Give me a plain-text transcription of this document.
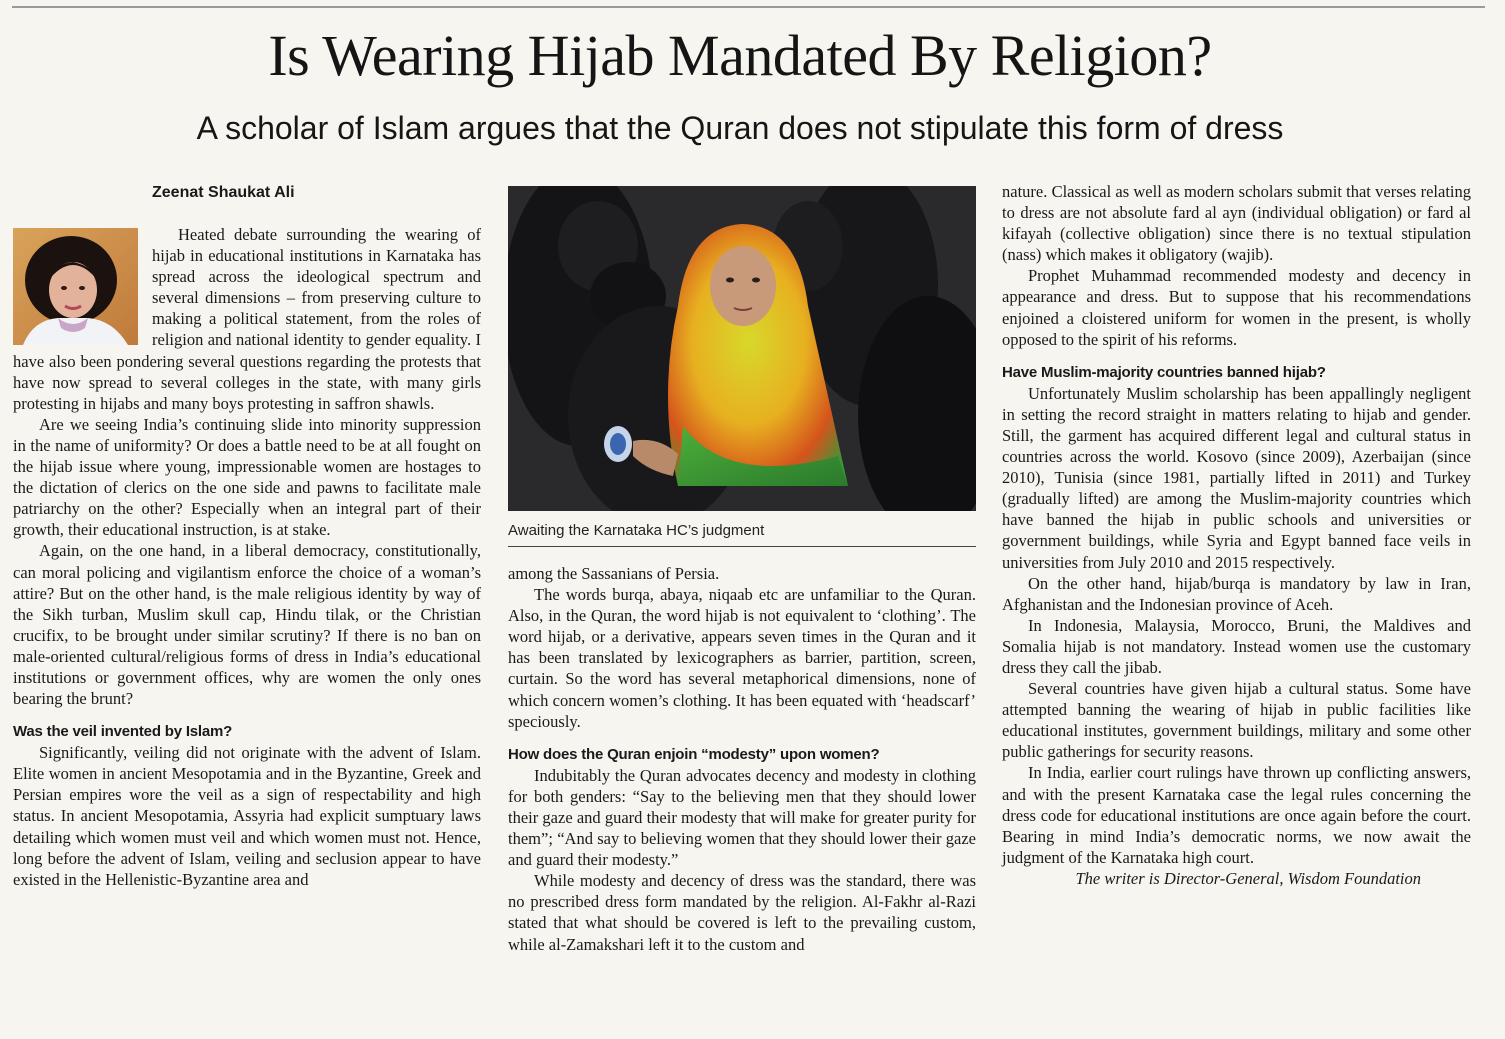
Is Wearing Hijab Mandated By Religion?
A scholar of Islam argues that the Quran does not stipulate this form of dress
Zeenat Shaukat Ali

Heated debate surrounding the wearing of hijab in educational institutions in Karnataka has spread across the ideological spectrum and several dimensions – from preserving culture to making a political statement, from the roles of religion and national identity to gender equality. I have also been pondering several questions regarding the protests that have now spread to several colleges in the state, with many girls protesting in hijabs and many boys protesting in saffron shawls.

Are we seeing India’s continuing slide into minority suppression in the name of uniformity? Or does a battle need to be at all fought on the hijab issue where young, impressionable women are hostages to the dictation of clerics on the one side and pawns to facilitate male patriarchy on the other? Especially when an integral part of their growth, their educational instruction, is at stake.

Again, on the one hand, in a liberal democracy, constitutionally, can moral policing and vigilantism enforce the choice of a woman’s attire? But on the other hand, is the male religious identity by way of the Sikh turban, Muslim skull cap, Hindu tilak, or the Christian crucifix, to be brought under similar scrutiny? If there is no ban on male-oriented cultural/religious forms of dress in India’s educational institutions or government offices, why are women the only ones bearing the brunt?

Was the veil invented by Islam?

Significantly, veiling did not originate with the advent of Islam. Elite women in ancient Mesopotamia and in the Byzantine, Greek and Persian empires wore the veil as a sign of respectability and high status. In ancient Mesopotamia, Assyria had explicit sumptuary laws detailing which women must veil and which women must not. Hence, long before the advent of Islam, veiling and seclusion appear to have existed in the Hellenistic-Byzantine area and

Awaiting the Karnataka HC’s judgment

among the Sassanians of Persia.

The words burqa, abaya, niqaab etc are unfamiliar to the Quran. Also, in the Quran, the word hijab is not equivalent to ‘clothing’. The word hijab, or a derivative, appears seven times in the Quran and it has been translated by lexicographers as barrier, partition, screen, curtain. So the word has several metaphorical dimensions, none of which concern women’s clothing. It has been equated with ‘headscarf’ speciously.

How does the Quran enjoin “modesty” upon women?

Indubitably the Quran advocates decency and modesty in clothing for both genders: “Say to the believing men that they should lower their gaze and guard their modesty that will make for greater purity for them”; “And say to believing women that they should lower their gaze and guard their modesty.”

While modesty and decency of dress was the standard, there was no prescribed dress form mandated by the religion. Al-Fakhr al-Razi stated that what should be covered is left to the prevailing custom, while al-Zamakshari left it to the custom and

nature. Classical as well as modern scholars submit that verses relating to dress are not absolute fard al ayn (individual obligation) or fard al kifayah (collective obligation) since there is no textual stipulation (nass) which makes it obligatory (wajib).

Prophet Muhammad recommended modesty and decency in appearance and dress. But to suppose that his recommendations enjoined a cloistered uniform for women in the present, is wholly opposed to the spirit of his reforms.

Have Muslim-majority countries banned hijab?

Unfortunately Muslim scholarship has been appallingly negligent in setting the record straight in matters relating to hijab and gender. Still, the garment has acquired different legal and cultural status in countries across the world. Kosovo (since 2009), Azerbaijan (since 2010), Tunisia (since 1981, partially lifted in 2011) and Turkey (gradually lifted) are among the Muslim-majority countries which have banned the hijab in public schools and universities or government buildings, while Syria and Egypt banned face veils in universities from July 2010 and 2015 respectively.

On the other hand, hijab/burqa is mandatory by law in Iran, Afghanistan and the Indonesian province of Aceh.

In Indonesia, Malaysia, Morocco, Bruni, the Maldives and Somalia hijab is not mandatory. Instead women use the customary dress they call the jibab.

Several countries have given hijab a cultural status. Some have attempted banning the wearing of hijab in public facilities like educational institutes, government buildings, military and some other public gatherings for security reasons.

In India, earlier court rulings have thrown up conflicting answers, and with the present Karnataka case the legal rules concerning the dress code for educational institutions are once again before the court. Bearing in mind India’s democratic norms, we now await the judgment of the Karnataka high court.

The writer is Director-General, Wisdom Foundation
